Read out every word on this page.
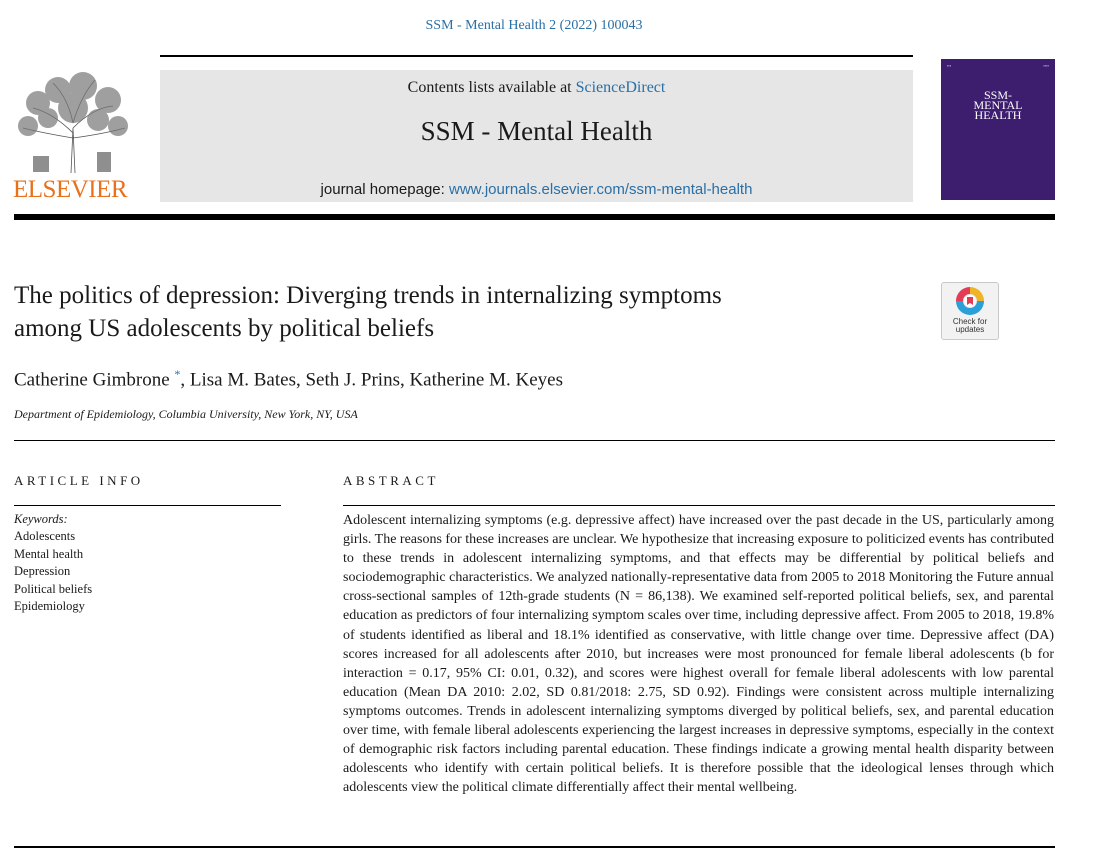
SSM - Mental Health 2 (2022) 100043
ELSEVIER
Contents lists available at ScienceDirect
SSM - Mental Health
journal homepage: www.journals.elsevier.com/ssm-mental-health
▪▪▪	▪▪▪▪
SSM-
MENTAL
HEALTH
The politics of depression: Diverging trends in internalizing symptoms
among US adolescents by political beliefs	Check for
updates
Catherine Gimbrone *, Lisa M. Bates, Seth J. Prins, Katherine M. Keyes
Department of Epidemiology, Columbia University, New York, NY, USA
ARTICLE INFO
Keywords:
Adolescents
Mental health
Depression
Political beliefs
Epidemiology
ABSTRACT
Adolescent internalizing symptoms (e.g. depressive affect) have increased over the past decade in the US, particularly among girls. The reasons for these increases are unclear. We hypothesize that increasing exposure to politicized events has contributed to these trends in adolescent internalizing symptoms, and that effects may be differential by political beliefs and sociodemographic characteristics. We analyzed nationally-representative data from 2005 to 2018 Monitoring the Future annual cross-sectional samples of 12th-grade students (N = 86,138). We examined self-reported political beliefs, sex, and parental education as predictors of four internalizing symptom scales over time, including depressive affect. From 2005 to 2018, 19.8% of students identified as liberal and 18.1% identified as conservative, with little change over time. Depressive affect (DA) scores increased for all adolescents after 2010, but increases were most pronounced for female liberal adolescents (b for interaction = 0.17, 95% CI: 0.01, 0.32), and scores were highest overall for female liberal adolescents with low parental education (Mean DA 2010: 2.02, SD 0.81/2018: 2.75, SD 0.92). Findings were consistent across multiple internalizing symptoms outcomes. Trends in adolescent internalizing symptoms diverged by political beliefs, sex, and parental education over time, with female liberal adolescents experiencing the largest increases in depressive symptoms, especially in the context of demographic risk factors including parental education. These findings indicate a growing mental health disparity between adolescents who identify with certain political beliefs. It is therefore possible that the ideological lenses through which adolescents view the political climate differentially affect their mental wellbeing.
